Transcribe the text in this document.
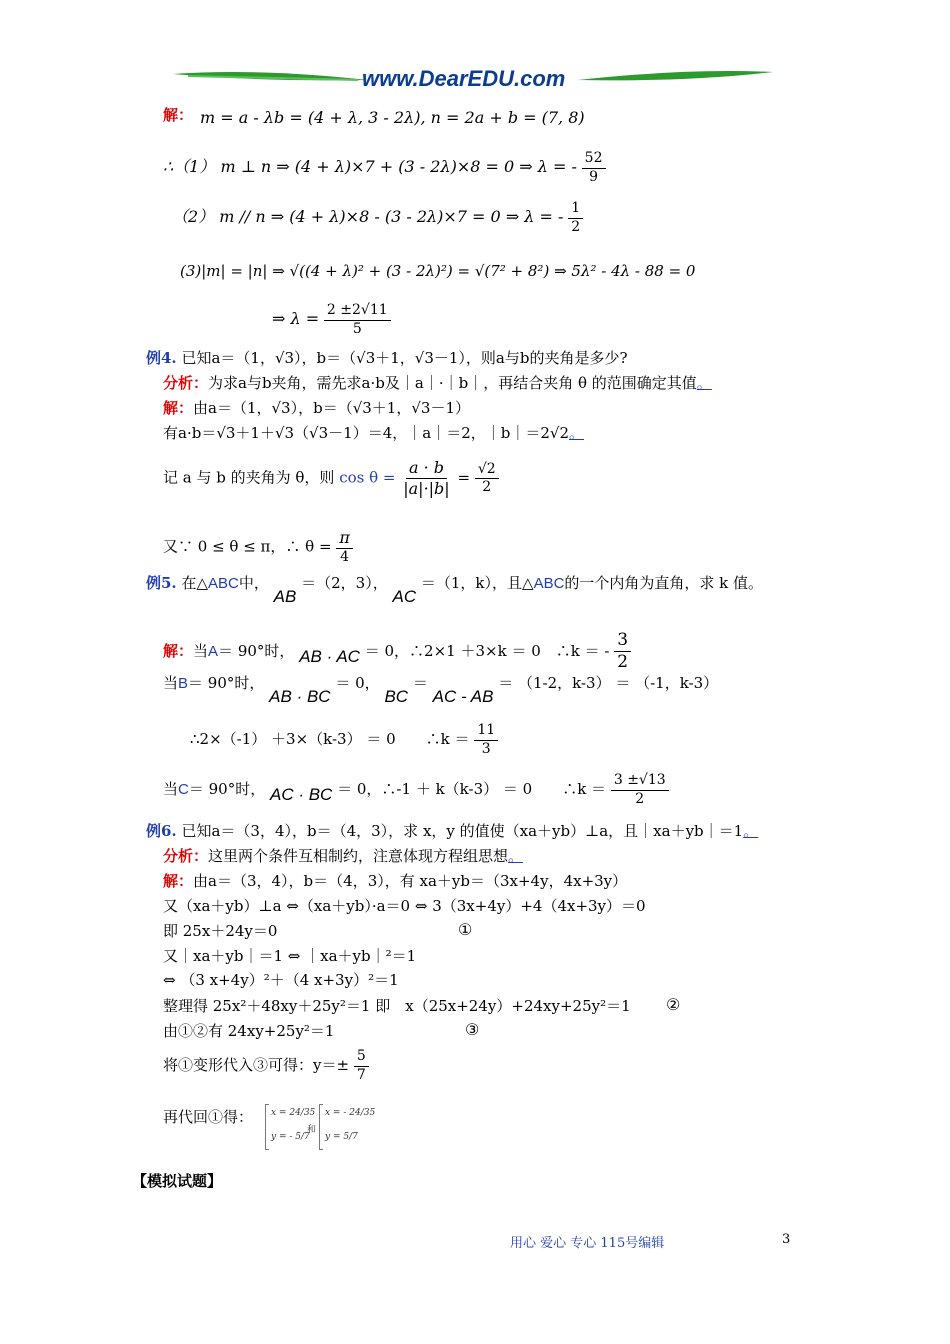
www.DearEDU.com
解： m = a - λb = (4 + λ, 3 - 2λ), n = 2a + b = (7, 8)
∴（1） m ⊥ n ⇒ (4 + λ)×7 + (3 - 2λ)×8 = 0 ⇒ λ = - $\frac{52}{9}$
（2） m // n ⇒ (4 + λ)×8 - (3 - 2λ)×7 = 0 ⇒ λ = - $\frac{1}{2}$
(3)|m| = |n| ⇒ √((4 + λ)² + (3 - 2λ)²) = √(7² + 8²) ⇒ 5λ² - 4λ - 88 = 0
⇒ $\lambda = \frac{2 \pm 2√11}{5}$
例4. 已知a＝（1，√3），b＝（√3＋1，√3－1），则a与b的夹角是多少?
分析：为求a与b夹角，需先求a·b及｜a｜·｜b｜，再结合夹角 θ 的范围确定其值。
解：由a＝（1，√3），b＝（√3＋1，√3－1）
有a·b＝√3＋1＋√3（√3－1）＝4，｜a｜＝2，｜b｜＝2√2。
记 a 与 b 的夹角为 θ，则 $\cos \theta = \frac{a \cdot b}{|a|\cdot|b|} = \frac{√2}{2}$
又∵ 0 ≤ θ ≤ π，∴ $\theta = \frac{\pi}{4}$
例5. 在△ABC中， AB ＝（2，3）， AC ＝（1，k），且△ABC的一个内角为直角，求 k 值。
解：当A＝ 90°时， AB · AC ＝ 0，∴2×1 ＋3×k ＝ 0　∴k ＝ - $\frac{3}{2}$
当B＝ 90°时， AB · BC ＝ 0， BC ＝ AC - AB ＝ （1-2，k-3） ＝ （-1，k-3）
∴2×（-1） ＋3×（k-3） ＝ 0　　∴k ＝ $\frac{11}{3}$
当C＝ 90°时， AC · BC ＝ 0，∴-1 ＋ k（k-3） ＝ 0　　∴k ＝ $\frac{3 \pm√13}{2}$
例6. 已知a＝（3，4），b＝（4，3），求 x，y 的值使（xa＋yb）⊥a，且｜xa＋yb｜＝1。
分析：这里两个条件互相制约，注意体现方程组思想。
解：由a＝（3，4），b＝（4，3），有 xa＋yb＝（3x+4y，4x+3y）
又（xa＋yb）⊥a ⇔（xa＋yb）·a＝0 ⇔ 3（3x+4y）+4（4x+3y）＝0
即 25x＋24y＝0	①
又｜xa＋yb｜＝1 ⇔ ｜xa＋yb｜²＝1
⇔ （3 x+4y）²＋（4 x+3y）²＝1
整理得 25x²＋48xy＋25y²＝1 即　x（25x+24y）+24xy+25y²＝1 ②
由①②有 24xy+25y²＝1	③
将①变形代入③可得：$y=\pm \frac{5}{7}$
再代回①得： x = 24/35
y = - 5/7
和
x = - 24/35
y = 5/7
【模拟试题】
用心 爱心 专心 115号编辑	3
